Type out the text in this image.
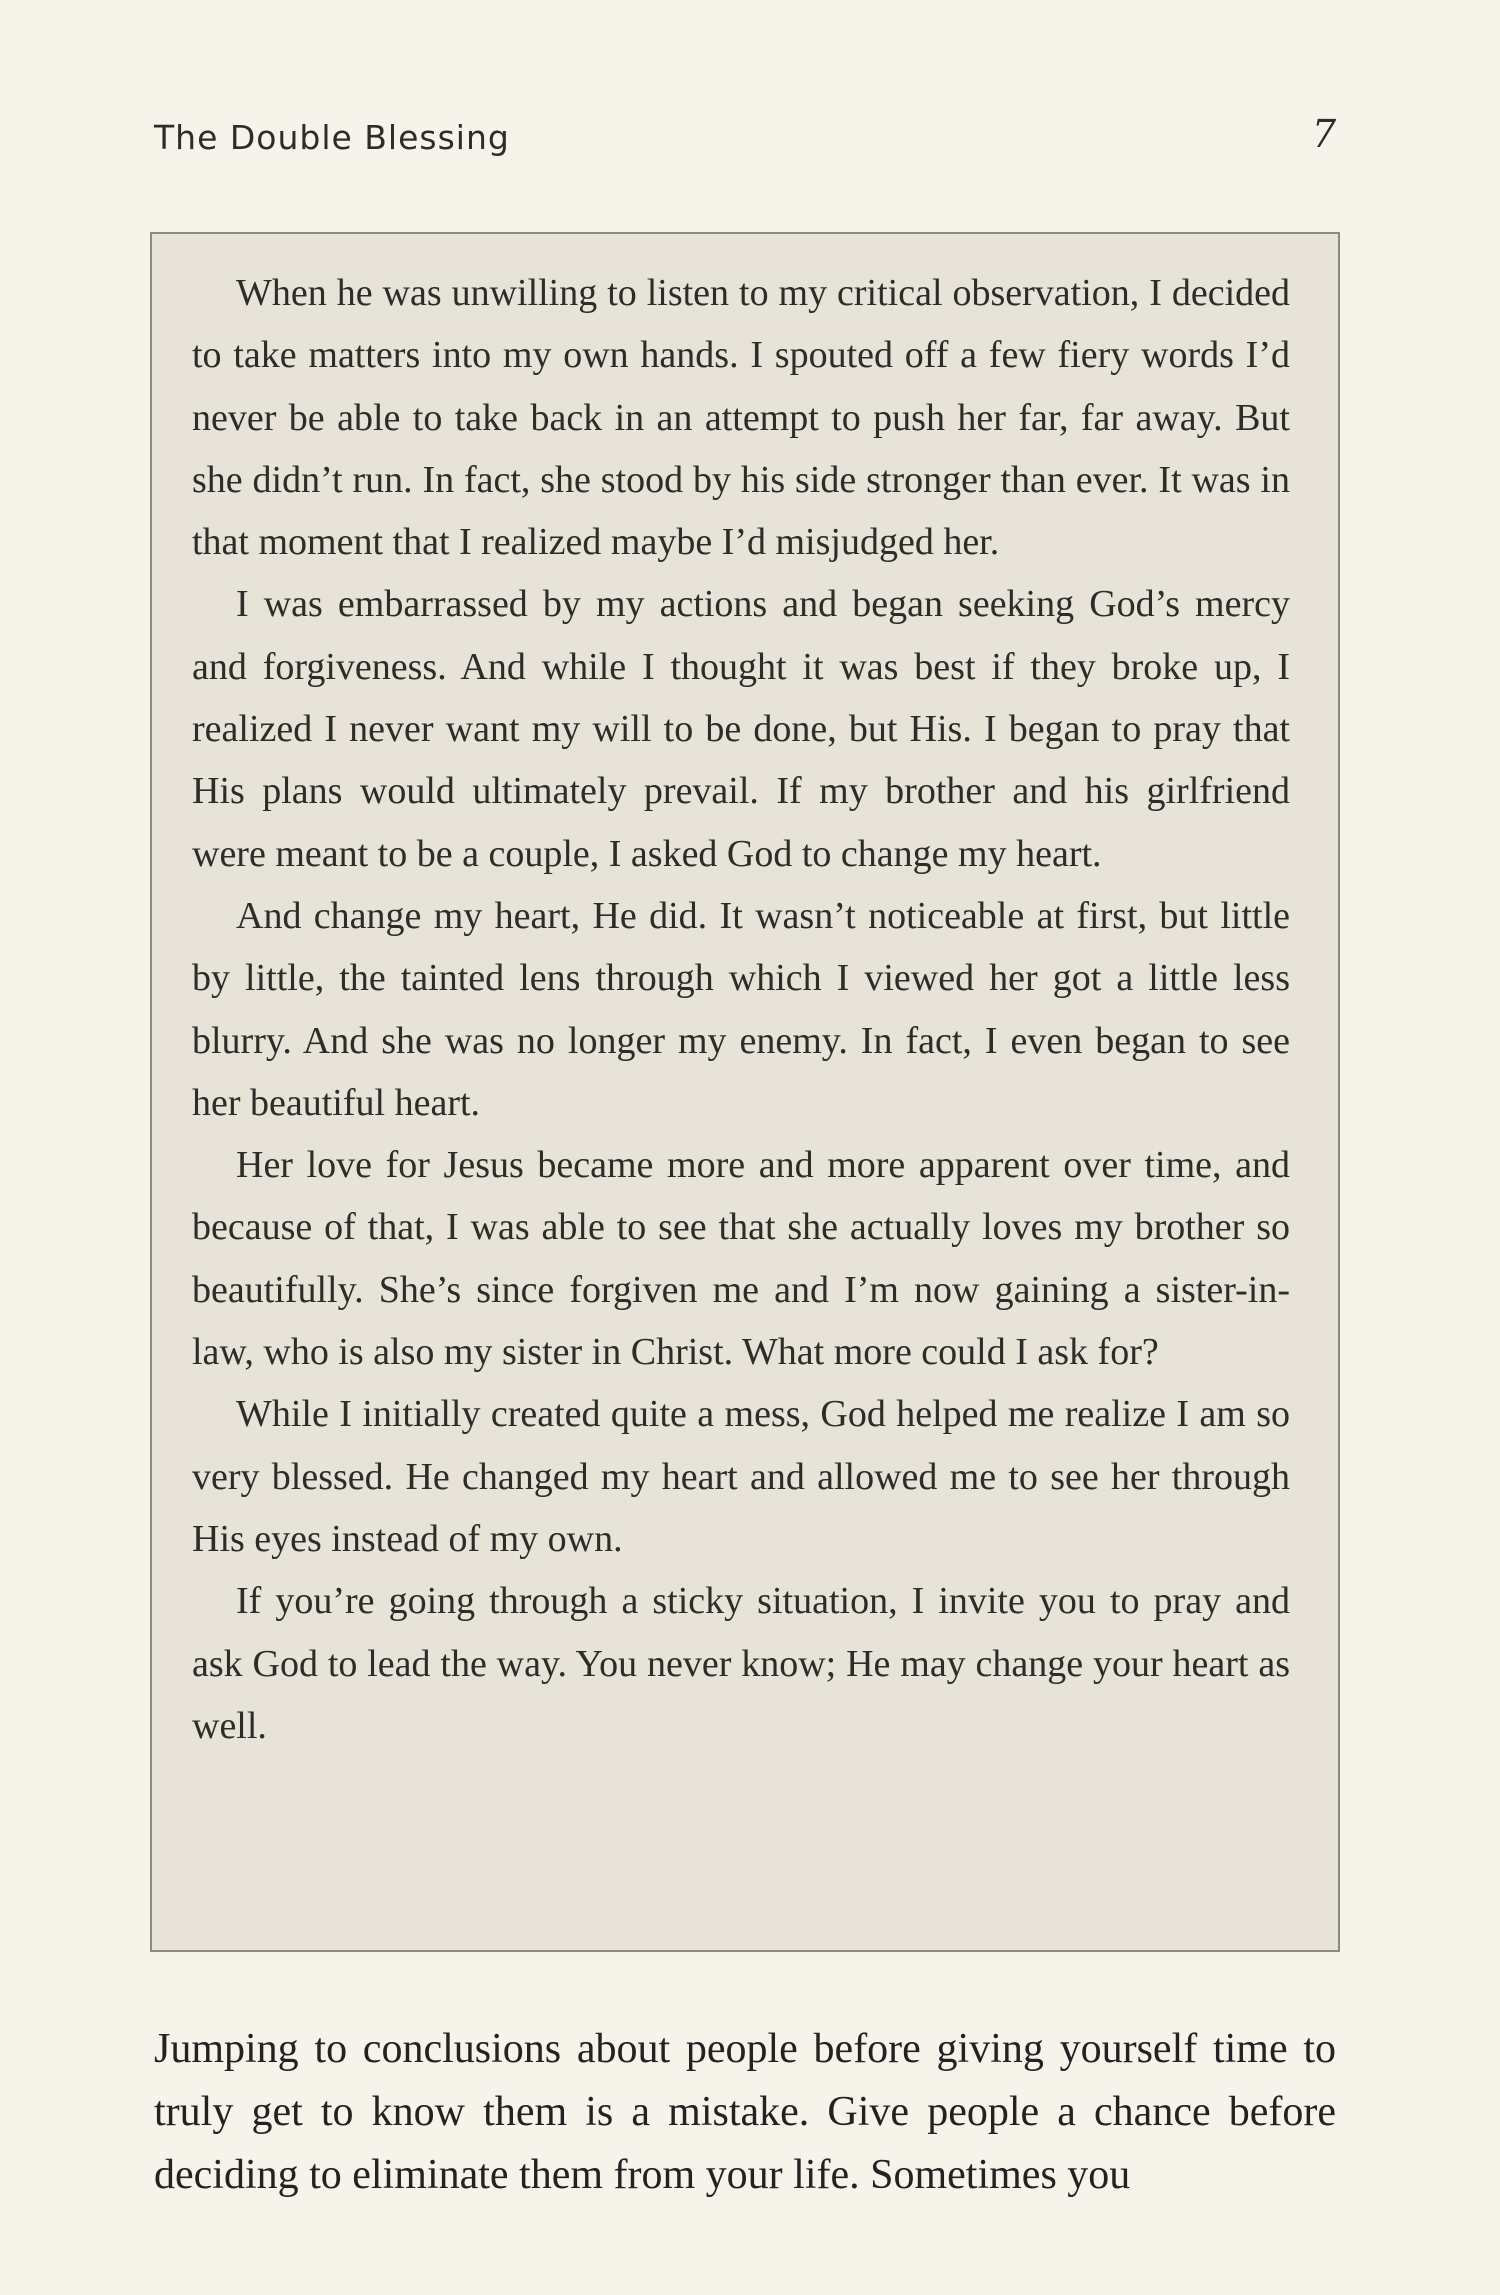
The Double Blessing	7

When he was unwilling to listen to my critical observation, I decided to take matters into my own hands. I spouted off a few fiery words I’d never be able to take back in an attempt to push her far, far away. But she didn’t run. In fact, she stood by his side stronger than ever. It was in that moment that I realized maybe I’d misjudged her.

I was embarrassed by my actions and began seeking God’s mercy and forgiveness. And while I thought it was best if they broke up, I realized I never want my will to be done, but His. I began to pray that His plans would ultimately prevail. If my brother and his girlfriend were meant to be a couple, I asked God to change my heart.

And change my heart, He did. It wasn’t noticeable at first, but little by little, the tainted lens through which I viewed her got a little less blurry. And she was no longer my enemy. In fact, I even began to see her beautiful heart.

Her love for Jesus became more and more apparent over time, and because of that, I was able to see that she actually loves my brother so beautifully. She’s since forgiven me and I’m now gaining a sister-in-law, who is also my sister in Christ. What more could I ask for?

While I initially created quite a mess, God helped me realize I am so very blessed. He changed my heart and allowed me to see her through His eyes instead of my own.

If you’re going through a sticky situation, I invite you to pray and ask God to lead the way. You never know; He may change your heart as well.

Jumping to conclusions about people before giving yourself time to truly get to know them is a mistake. Give people a chance before deciding to eliminate them from your life. Sometimes you
